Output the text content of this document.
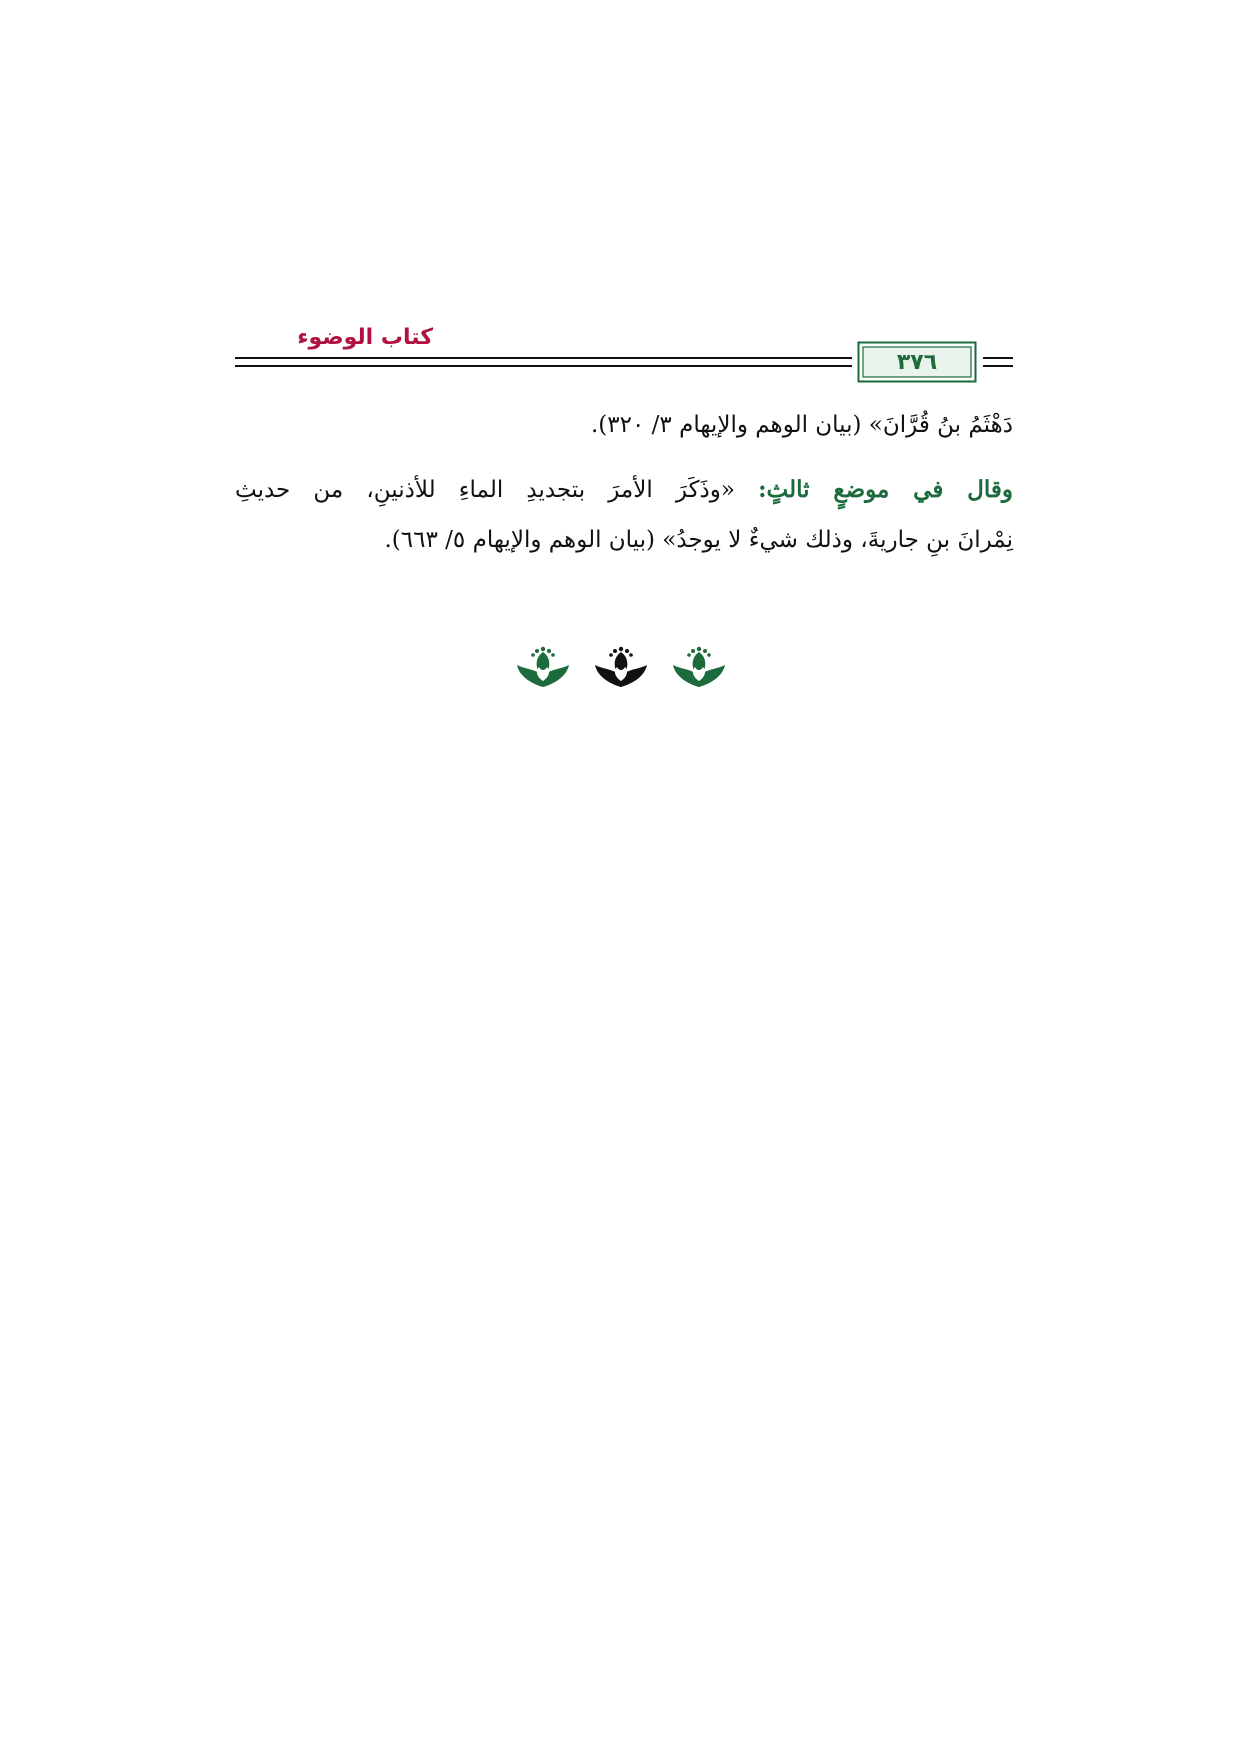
كتاب الوضوء
٣٧٦
دَهْثَمُ بنُ قُرَّانَ» (بيان الوهم والإيهام ٣/ ٣٢٠).
وقال في موضعٍ ثالثٍ: «وذَكَرَ الأمرَ بتجديدِ الماءِ للأذنينِ، من حديثِ
نِمْرانَ بنِ جاريةَ، وذلك شيءٌ لا يوجدُ» (بيان الوهم والإيهام ٥/ ٦٦٣).
